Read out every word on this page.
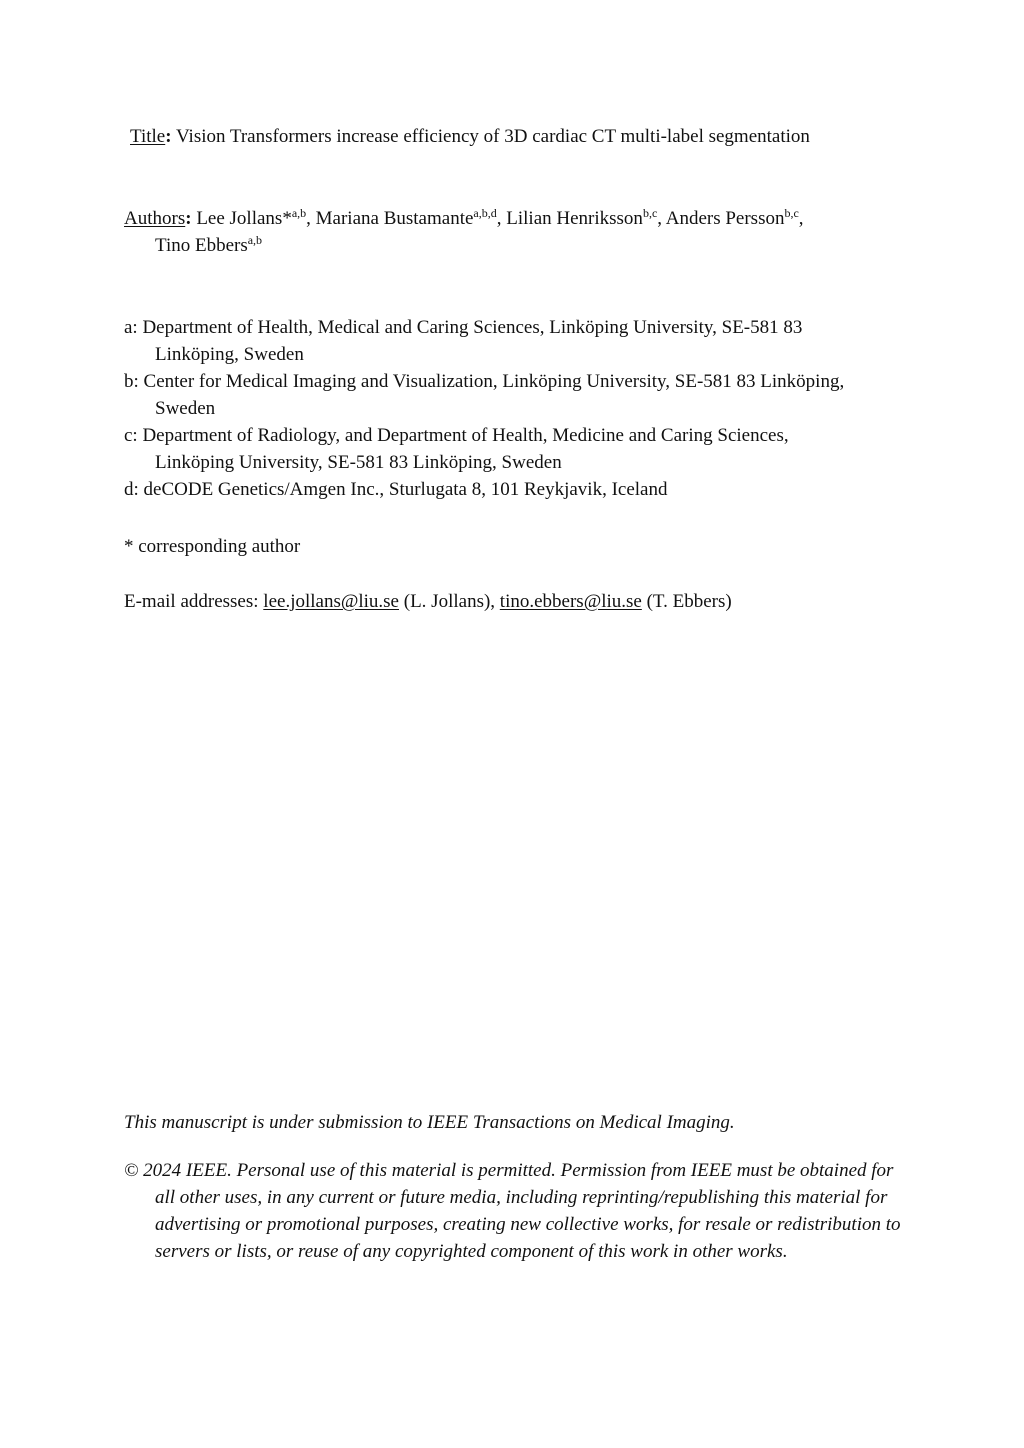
Title: Vision Transformers increase efficiency of 3D cardiac CT multi-label segmentation
Authors: Lee Jollans*$^{a,b}$, Mariana Bustamante$^{a,b,d}$, Lilian Henriksson$^{b,c}$, Anders Persson$^{b,c}$,
Tino Ebbers$^{a,b}$

a: Department of Health, Medical and Caring Sciences, Linköping University, SE-581 83 Linköping, Sweden

b: Center for Medical Imaging and Visualization, Linköping University, SE-581 83 Linköping, Sweden

c: Department of Radiology, and Department of Health, Medicine and Caring Sciences, Linköping University, SE-581 83 Linköping, Sweden

d: deCODE Genetics/Amgen Inc., Sturlugata 8, 101 Reykjavik, Iceland

* corresponding author
E-mail addresses: lee.jollans@liu.se (L. Jollans), tino.ebbers@liu.se (T. Ebbers)
This manuscript is under submission to IEEE Transactions on Medical Imaging.
© 2024 IEEE. Personal use of this material is permitted. Permission from IEEE must be obtained for all other uses, in any current or future media, including reprinting/republishing this material for advertising or promotional purposes, creating new collective works, for resale or redistribution to servers or lists, or reuse of any copyrighted component of this work in other works.
